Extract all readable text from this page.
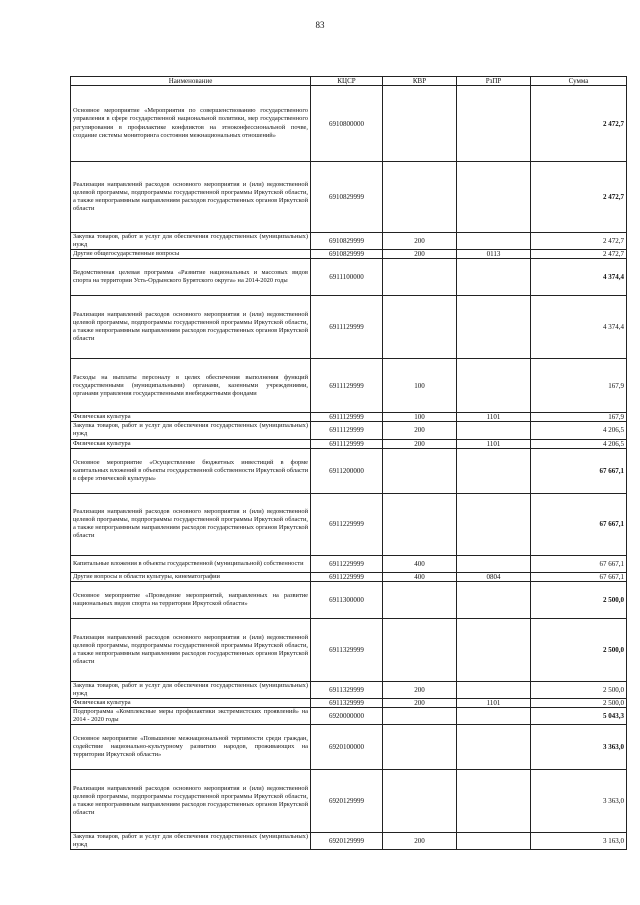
83
Наименование	КЦСР	КВР	РзПР	Сумма
Основное мероприятие «Мероприятия по совершенствованию государственного управления в сфере государственной национальной политики, мер государственного регулирования в профилактике конфликтов на этноконфессиональной почве, создание системы мониторинга состояния межнациональных отношений»	6910800000			2 472,7
Реализация направлений расходов основного мероприятия и (или) ведомственной целевой программы, подпрограммы государственной программы Иркутской области, а также непрограммным направлениям расходов государственных органов Иркутской области	6910829999			2 472,7
Закупка товаров, работ и услуг для обеспечения государственных (муниципальных) нужд	6910829999	200		2 472,7
Другие общегосударственные вопросы	6910829999	200	0113	2 472,7
Ведомственная целевая программа «Развитие национальных и массовых видов спорта на территории Усть-Ордынского Бурятского округа» на 2014-2020 годы	6911100000			4 374,4
Реализация направлений расходов основного мероприятия и (или) ведомственной целевой программы, подпрограммы государственной программы Иркутской области, а также непрограммным направлениям расходов государственных органов Иркутской области	6911129999			4 374,4
Расходы на выплаты персоналу в целях обеспечения выполнения функций государственными (муниципальными) органами, казенными учреждениями, органами управления государственными внебюджетными фондами	6911129999	100		167,9
Физическая культура	6911129999	100	1101	167,9
Закупка товаров, работ и услуг для обеспечения государственных (муниципальных) нужд	6911129999	200		4 206,5
Физическая культура	6911129999	200	1101	4 206,5
Основное мероприятие «Осуществление бюджетных инвестиций в форме капитальных вложений в объекты государственной собственности Иркутской области в сфере этнической культуры»	6911200000			67 667,1
Реализация направлений расходов основного мероприятия и (или) ведомственной целевой программы, подпрограммы государственной программы Иркутской области, а также непрограммным направлениям расходов государственных органов Иркутской области	6911229999			67 667,1
Капитальные вложения в объекты государственной (муниципальной) собственности	6911229999	400		67 667,1
Другие вопросы в области культуры, кинематографии	6911229999	400	0804	67 667,1
Основное мероприятие «Проведение мероприятий, направленных на развитие национальных видов спорта на территории Иркутской области»	6911300000			2 500,0
Реализация направлений расходов основного мероприятия и (или) ведомственной целевой программы, подпрограммы государственной программы Иркутской области, а также непрограммным направлениям расходов государственных органов Иркутской области	6911329999			2 500,0
Закупка товаров, работ и услуг для обеспечения государственных (муниципальных) нужд	6911329999	200		2 500,0
Физическая культура	6911329999	200	1101	2 500,0
Подпрограмма «Комплексные меры профилактики экстремистских проявлений» на 2014 - 2020 годы	6920000000			5 043,3
Основное мероприятие «Повышение межнациональной терпимости среди граждан, содействие национально-культурному развитию народов, проживающих на территории Иркутской области»	6920100000			3 363,0
Реализация направлений расходов основного мероприятия и (или) ведомственной целевой программы, подпрограммы государственной программы Иркутской области, а также непрограммным направлениям расходов государственных органов Иркутской области	6920129999			3 363,0
Закупка товаров, работ и услуг для обеспечения государственных (муниципальных) нужд	6920129999	200		3 163,0
